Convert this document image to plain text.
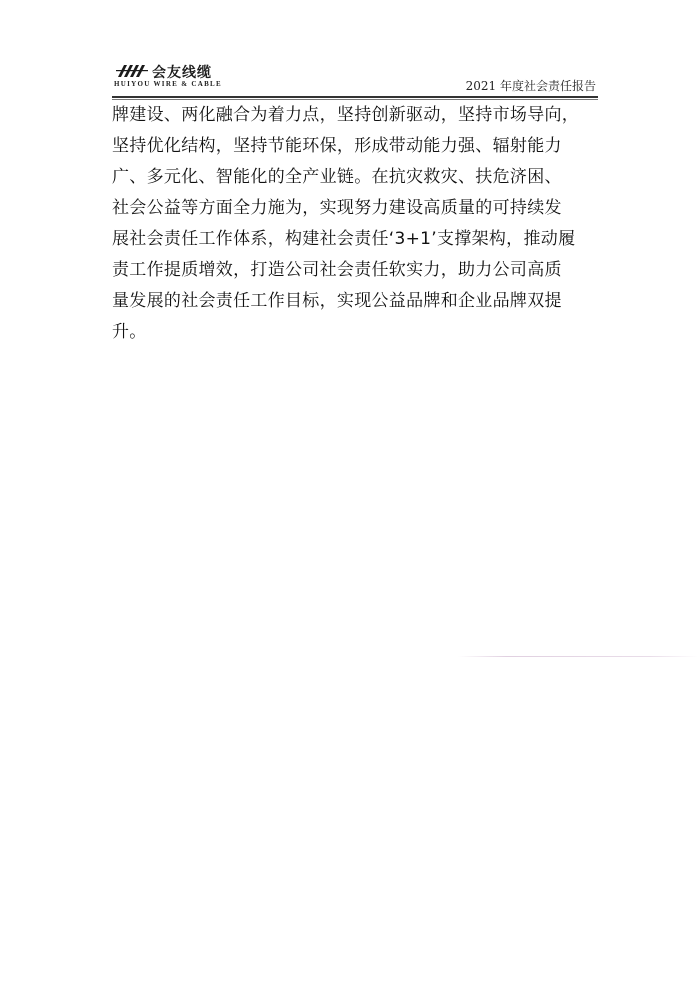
会友线缆
HUIYOU WIRE & CABLE	2021 年度社会责任报告
牌建设、两化融合为着力点，坚持创新驱动，坚持市场导向，
坚持优化结构，坚持节能环保，形成带动能力强、辐射能力
广、多元化、智能化的全产业链。在抗灾救灾、扶危济困、
社会公益等方面全力施为，实现努力建设高质量的可持续发
展社会责任工作体系，构建社会责任‘3+1’支撑架构，推动履
责工作提质增效，打造公司社会责任软实力，助力公司高质
量发展的社会责任工作目标，实现公益品牌和企业品牌双提
升。
